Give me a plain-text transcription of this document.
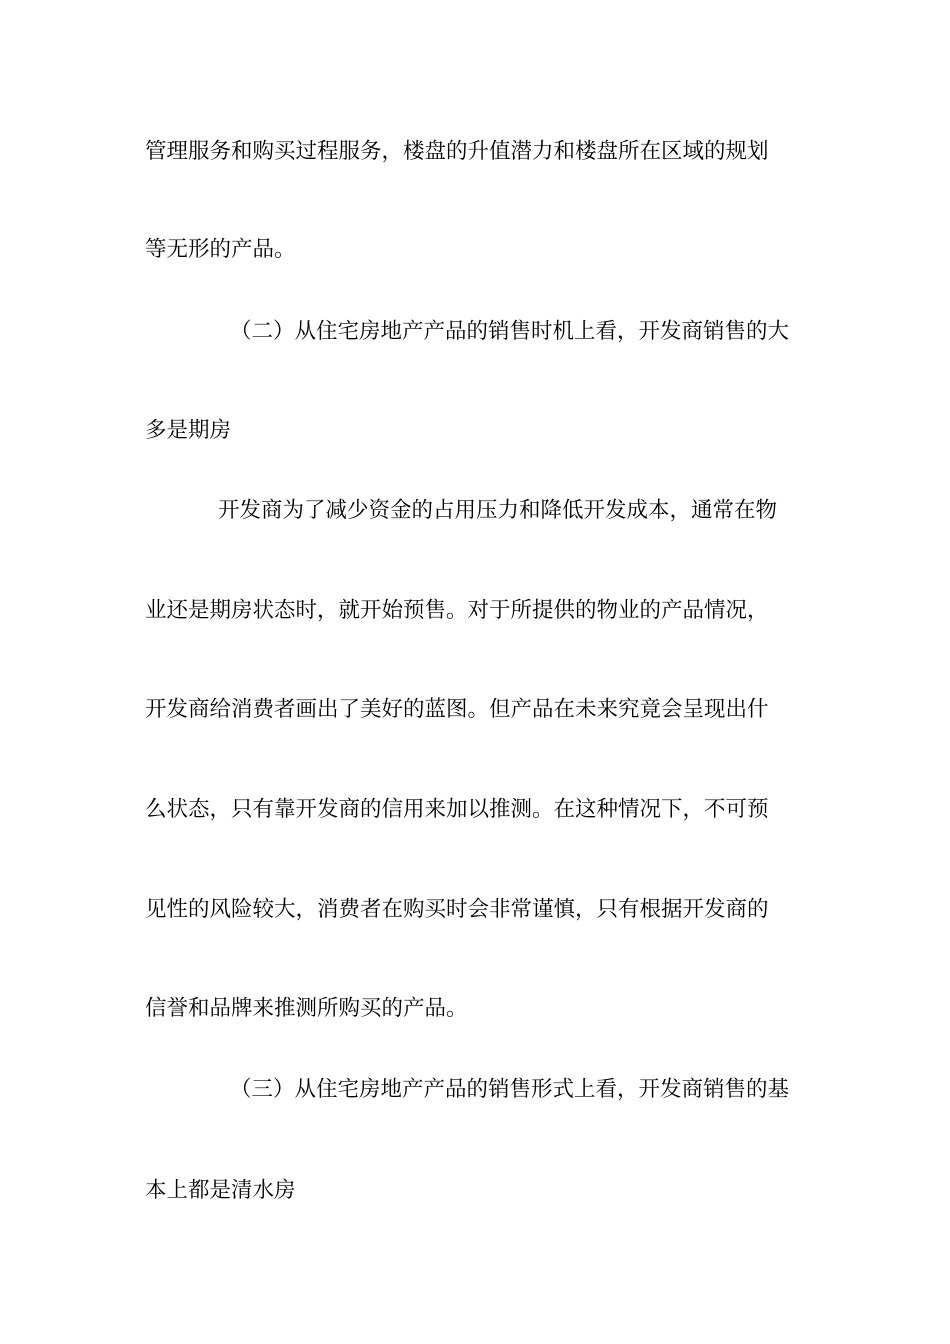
管理服务和购买过程服务，楼盘的升值潜力和楼盘所在区域的规划
等无形的产品。
（二）从住宅房地产产品的销售时机上看，开发商销售的大
多是期房
开发商为了减少资金的占用压力和降低开发成本，通常在物
业还是期房状态时，就开始预售。对于所提供的物业的产品情况，
开发商给消费者画出了美好的蓝图。但产品在未来究竟会呈现出什
么状态，只有靠开发商的信用来加以推测。在这种情况下，不可预
见性的风险较大，消费者在购买时会非常谨慎，只有根据开发商的
信誉和品牌来推测所购买的产品。
（三）从住宅房地产产品的销售形式上看，开发商销售的基
本上都是清水房
